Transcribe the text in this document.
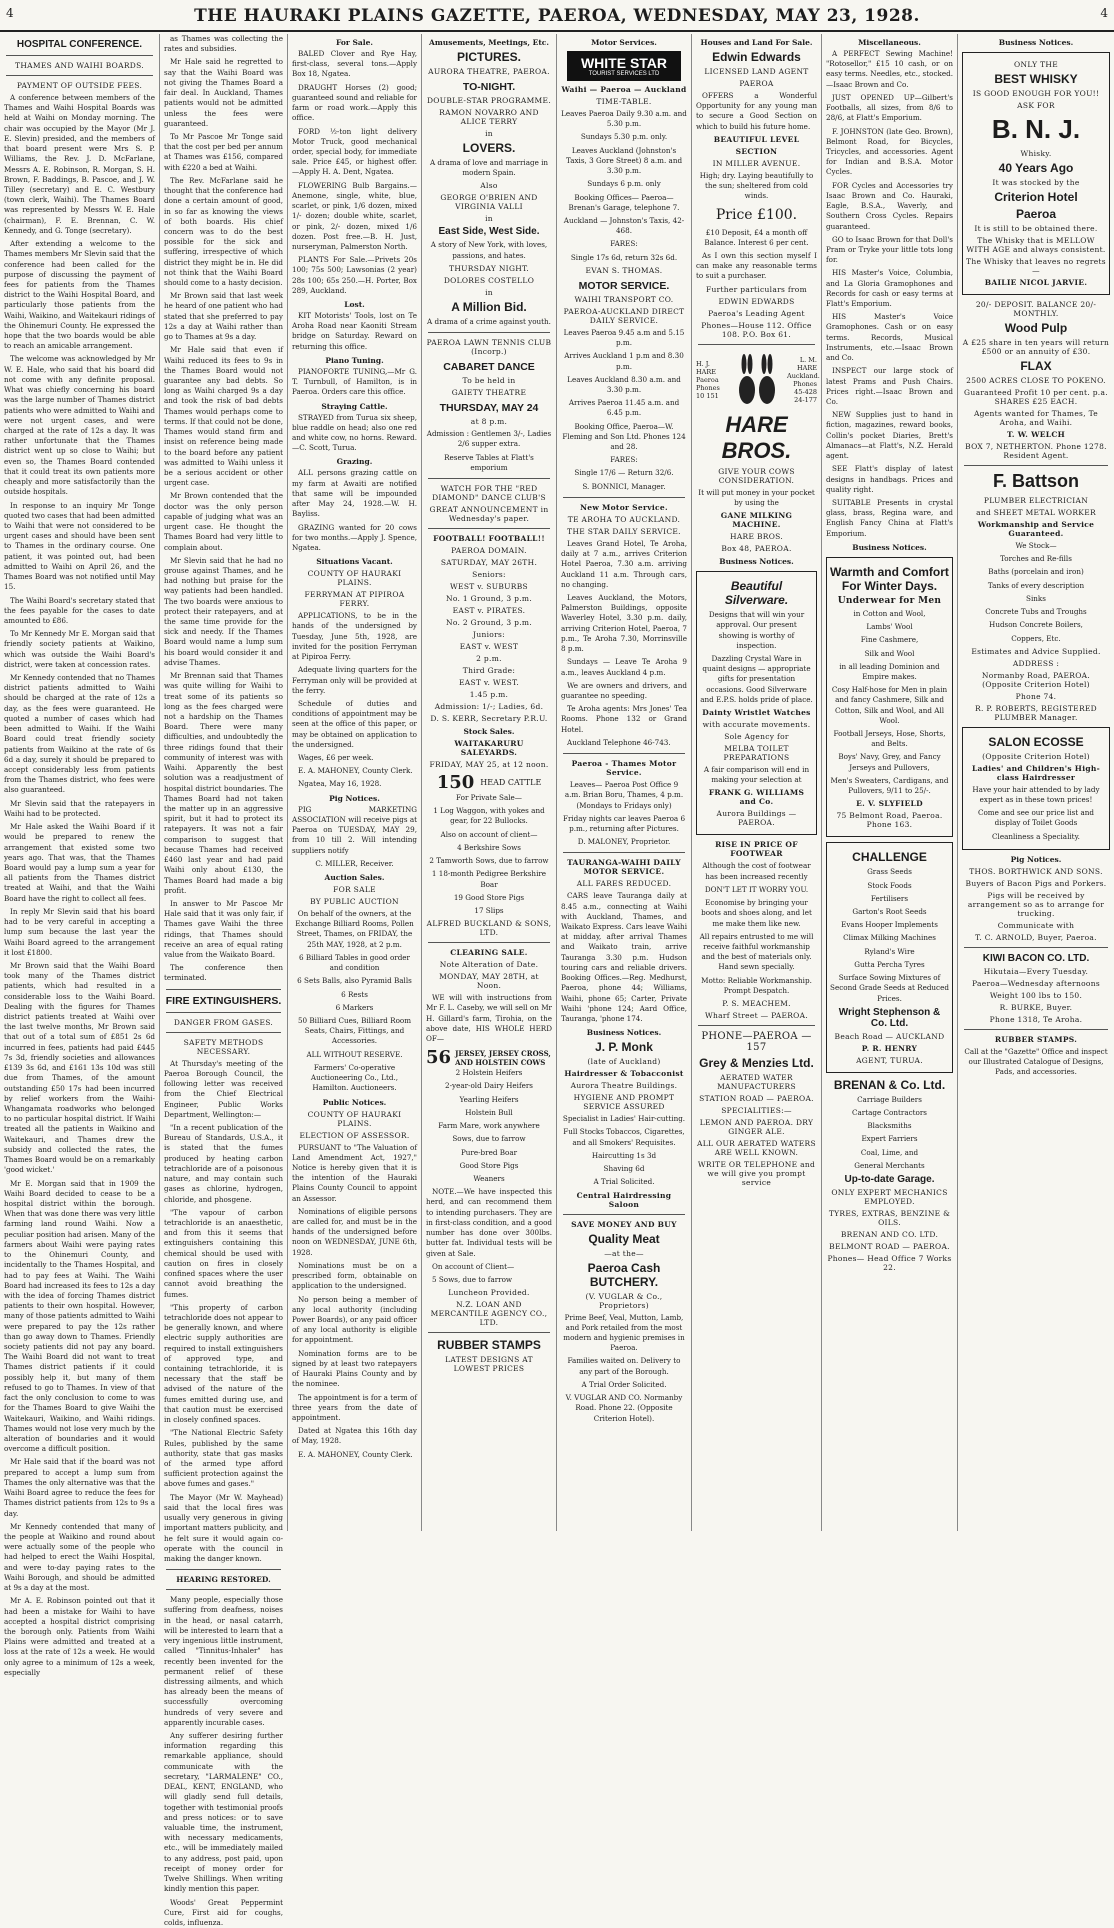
4	THE HAURAKI PLAINS GAZETTE, PAEROA, WEDNESDAY, MAY 23, 1928.	4
HOSPITAL CONFERENCE.
THAMES AND WAIHI BOARDS.
PAYMENT OF OUTSIDE FEES.

A conference between members of the Thames and Waihi Hospital Boards was held at Waihi on Monday morning. The chair was occupied by the Mayor (Mr J. E. Slevin) presided, and the members of that board present were Mrs S. P. Williams, the Rev. J. D. McFarlane, Messrs A. E. Robinson, R. Morgan, S. H. Brown, F. Baddings, B. Pascoe, and J. W. Tilley (secretary) and E. C. Westbury (town clerk, Waihi). The Thames Board was represented by Messrs W. E. Hale (chairman), F. E. Brennan, C. W. Kennedy, and G. Tonge (secretary).

After extending a welcome to the Thames members Mr Slevin said that the conference had been called for the purpose of discussing the payment of fees for patients from the Thames district to the Waihi Hospital Board, and particularly those patients from the Waihi, Waikino, and Waitekauri ridings of the Ohinemuri County. He expressed the hope that the two boards would be able to reach an amicable arrangement.

The welcome was acknowledged by Mr W. E. Hale, who said that his board did not come with any definite proposal. What was chiefly concerning his board was the large number of Thames district patients who were admitted to Waihi and were not urgent cases, and were charged at the rate of 12s a day. It was rather unfortunate that the Thames district went up so close to Waihi; but even so, the Thames Board contended that it could treat its own patients more cheaply and more satisfactorily than the outside hospitals.

In response to an inquiry Mr Tonge quoted two cases that had been admitted to Waihi that were not considered to be urgent cases and should have been sent to Thames in the ordinary course. One patient, it was pointed out, had been admitted to Waihi on April 26, and the Thames Board was not notified until May 15.

The Waihi Board's secretary stated that the fees payable for the cases to date amounted to £86.

To Mr Kennedy Mr E. Morgan said that friendly society patients at Waikino, which was outside the Waihi Board's district, were taken at concession rates.

Mr Kennedy contended that no Thames district patients admitted to Waihi should be charged at the rate of 12s a day, as the fees were guaranteed. He quoted a number of cases which had been admitted to Waihi. If the Waihi Board could treat friendly society patients from Waikino at the rate of 6s 6d a day, surely it should be prepared to accept considerably less from patients from the Thames district, who fees were also guaranteed.

Mr Slevin said that the ratepayers in Waihi had to be protected.

Mr Hale asked the Waihi Board if it would be prepared to renew the arrangement that existed some two years ago. That was, that the Thames Board would pay a lump sum a year for all patients from the Thames district treated at Waihi, and that the Waihi Board have the right to collect all fees.

In reply Mr Slevin said that his board had to be very careful in accepting a lump sum because the last year the Waihi Board agreed to the arrangement it lost £1800.

Mr Brown said that the Waihi Board took many of the Thames district patients, which had resulted in a considerable loss to the Waihi Board. Dealing with the figures for Thames district patients treated at Waihi over the last twelve months, Mr Brown said that out of a total sum of £851 2s 6d incurred in fees, patients had paid £445 7s 3d, friendly societies and allowances £139 3s 6d, and £161 13s 10d was still due from Thames, of the amount outstanding £50 17s had been incurred by relief workers from the Waihi-Whangamata roadworks who belonged to no particular hospital district. If Waihi treated all the patients in Waikino and Waitekauri, and Thames drew the subsidy and collected the rates, the Thames Board would be on a remarkably 'good wicket.'

Mr E. Morgan said that in 1909 the Waihi Board decided to cease to be a hospital district within the borough. When that was done there was very little farming land round Waihi. Now a peculiar position had arisen. Many of the farmers about Waihi were paying rates to the Ohinemuri County, and incidentally to the Thames Hospital, and had to pay fees at Waihi. The Waihi Board had increased its fees to 12s a day with the idea of forcing Thames district patients to their own hospital. However, many of those patients admitted to Waihi were prepared to pay the 12s rather than go away down to Thames. Friendly society patients did not pay any board. The Waihi Board did not want to treat Thames district patients if it could possibly help it, but many of them refused to go to Thames. In view of that fact the only conclusion to come to was for the Thames Board to give Waihi the Waitekauri, Waikino, and Waihi ridings. Thames would not lose very much by the alteration of boundaries and it would overcome a difficult position.

Mr Hale said that if the board was not prepared to accept a lump sum from Thames the only alternative was that the Waihi Board agree to reduce the fees for Thames district patients from 12s to 9s a day.

Mr Kennedy contended that many of the people at Waikino and round about were actually some of the people who had helped to erect the Waihi Hospital, and were to-day paying rates to the Waihi Borough, and should be admitted at 9s a day at the most.

Mr A. E. Robinson pointed out that it had been a mistake for Waihi to have accepted a hospital district comprising the borough only. Patients from Waihi Plains were admitted and treated at a loss at the rate of 12s a week. He would only agree to a minimum of 12s a week, especially

as Thames was collecting the rates and subsidies.

Mr Hale said he regretted to say that the Waihi Board was not giving the Thames Board a fair deal. In Auckland, Thames patients would not be admitted unless the fees were guaranteed.

To Mr Pascoe Mr Tonge said that the cost per bed per annum at Thames was £156, compared with £220 a bed at Waihi.

The Rev. McFarlane said he thought that the conference had done a certain amount of good, in so far as knowing the views of both boards. His chief concern was to do the best possible for the sick and suffering, irrespective of which district they might be in. He did not think that the Waihi Board should come to a hasty decision.

Mr Brown said that last week he heard of one patient who had stated that she preferred to pay 12s a day at Waihi rather than go to Thames at 9s a day.

Mr Hale said that even if Waihi reduced its fees to 9s in the Thames Board would not guarantee any bad debts. So long as Waihi charged 9s a day and took the risk of bad debts Thames would perhaps come to terms. If that could not be done, Thames would stand firm and insist on reference being made to the board before any patient was admitted to Waihi unless it be a serious accident or other urgent case.

Mr Brown contended that the doctor was the only person capable of judging what was an urgent case. He thought the Thames Board had very little to complain about.

Mr Slevin said that he had no grouse against Thames, and he had nothing but praise for the way patients had been handled. The two boards were anxious to protect their ratepayers, and at the same time provide for the sick and needy. If the Thames Board would name a lump sum his board would consider it and advise Thames.

Mr Brennan said that Thames was quite willing for Waihi to treat some of its patients so long as the fees charged were not a hardship on the Thames Board. There were many difficulties, and undoubtedly the three ridings found that their community of interest was with Waihi. Apparently the best solution was a readjustment of hospital district boundaries. The Thames Board had not taken the matter up in an aggressive spirit, but it had to protect its ratepayers. It was not a fair comparison to suggest that because Thames had received £460 last year and had paid Waihi only about £130, the Thames Board had made a big profit.

In answer to Mr Pascoe Mr Hale said that it was only fair, if Thames gave Waihi the three ridings, that Thames should receive an area of equal rating value from the Waikato Board.

The conference then terminated.

FIRE EXTINGUISHERS.
DANGER FROM GASES.
SAFETY METHODS NECESSARY.

At Thursday's meeting of the Paeroa Borough Council, the following letter was received from the Chief Electrical Engineer, Public Works Department, Wellington:—

"In a recent publication of the Bureau of Standards, U.S.A., it is stated that the fumes produced by heating carbon tetrachloride are of a poisonous nature, and may contain such gases as chlorine, hydrogen, chloride, and phosgene.

"The vapour of carbon tetrachloride is an anaesthetic, and from this it seems that extinguishers containing this chemical should be used with caution on fires in closely confined spaces where the user cannot avoid breathing the fumes.

"This property of carbon tetrachloride does not appear to be generally known, and where electric supply authorities are required to install extinguishers of approved type, and containing tetrachloride, it is necessary that the staff be advised of the nature of the fumes emitted during use, and that caution must be exercised in closely confined spaces.

"The National Electric Safety Rules, published by the same authority, state that gas masks of the armed type afford sufficient protection against the above fumes and gases."

The Mayor (Mr W. Mayhead) said that the local fires was usually very generous in giving important matters publicity, and he felt sure it would again co-operate with the council in making the danger known.

HEARING RESTORED.

Many people, especially those suffering from deafness, noises in the head, or nasal catarrh, will be interested to learn that a very ingenious little instrument, called "Tinnitus-Inhaler" has recently been invented for the permanent relief of these distressing ailments, and which has already been the means of successfully overcoming hundreds of very severe and apparently incurable cases.

Any sufferer desiring further information regarding this remarkable appliance, should communicate with the secretary, "LARMALENE" CO., DEAL, KENT, ENGLAND, who will gladly send full details, together with testimonial proofs and press notices: or to save valuable time, the instrument, with necessary medicaments, etc., will be immediately mailed to any address, post paid, upon receipt of money order for Twelve Shillings. When writing kindly mention this paper.

Woods' Great Peppermint Cure, First aid for coughs, colds, influenza.

For Sale.

BALED Clover and Rye Hay, first-class, several tons.—Apply Box 18, Ngatea.

DRAUGHT Horses (2) good; guaranteed sound and reliable for farm or road work.—Apply this office.

FORD ½-ton light delivery Motor Truck, good mechanical order, special body, for immediate sale. Price £45, or highest offer. —Apply H. A. Dent, Ngatea.

FLOWERING Bulb Bargains.— Anemone, single, white, blue, scarlet, or pink, 1/6 dozen, mixed 1/- dozen; double white, scarlet, or pink, 2/- dozen, mixed 1/6 dozen. Post free.—B. H. Just, nurseryman, Palmerston North.

PLANTS For Sale.—Privets 20s 100; 75s 500; Lawsonias (2 year) 28s 100; 65s 250.—H. Porter, Box 289, Auckland.

Lost.

KIT Motorists' Tools, lost on Te Aroha Road near Kaoniti Stream bridge on Saturday. Reward on returning this office.

Piano Tuning.

PIANOFORTE TUNING,—Mr G. T. Turnbull, of Hamilton, is in Paeroa. Orders care this office.

Straying Cattle.

STRAYED from Turua six sheep, blue raddle on head; also one red and white cow, no horns. Reward.—C. Scott, Turua.

Grazing.

ALL persons grazing cattle on my farm at Awaiti are notified that same will be impounded after May 24, 1928.—W. H. Bayliss.

GRAZING wanted for 20 cows for two months.—Apply J. Spence, Ngatea.

Situations Vacant.
COUNTY OF HAURAKI PLAINS.
FERRYMAN AT PIPIROA FERRY.

APPLICATIONS, to be in the hands of the undersigned by Tuesday, June 5th, 1928, are invited for the position Ferryman at Pipiroa Ferry.

Adequate living quarters for the Ferryman only will be provided at the ferry.

Schedule of duties and conditions of appointment may be seen at the office of this paper, or may be obtained on application to the undersigned.

Wages, £6 per week.

E. A. MAHONEY, County Clerk.

Ngatea, May 16, 1928.

Pig Notices.

PIG MARKETING ASSOCIATION will receive pigs at Paeroa on TUESDAY, MAY 29, from 10 till 2. Will intending suppliers notify

C. MILLER, Receiver.

Auction Sales.
FOR SALE
BY PUBLIC AUCTION

On behalf of the owners, at the Exchange Billiard Rooms, Pollen Street, Thames, on FRIDAY, the 25th MAY, 1928, at 2 p.m.

6 Billiard Tables in good order and condition

6 Sets Balls, also Pyramid Balls

6 Rests

6 Markers

50 Billiard Cues, Billiard Room Seats, Chairs, Fittings, and Accessories.

ALL WITHOUT RESERVE.

Farmers' Co-operative Auctioneering Co., Ltd., Hamilton. Auctioneers.

Public Notices.
COUNTY OF HAURAKI PLAINS.
ELECTION OF ASSESSOR.

PURSUANT to "The Valuation of Land Amendment Act, 1927," Notice is hereby given that it is the intention of the Hauraki Plains County Council to appoint an Assessor.

Nominations of eligible persons are called for, and must be in the hands of the undersigned before noon on WEDNESDAY, JUNE 6th, 1928.

Nominations must be on a prescribed form, obtainable on application to the undersigned.

No person being a member of any local authority (including Power Boards), or any paid officer of any local authority is eligible for appointment.

Nomination forms are to be signed by at least two ratepayers of Hauraki Plains County and by the nominee.

The appointment is for a term of three years from the date of appointment.

Dated at Ngatea this 16th day of May, 1928.

E. A. MAHONEY, County Clerk.

Amusements, Meetings, Etc.
PICTURES.
AURORA THEATRE, PAEROA.
TO-NIGHT.
DOUBLE-STAR PROGRAMME.
RAMON NOVARRO AND ALICE TERRY
in
LOVERS.

A drama of love and marriage in modern Spain.

Also
GEORGE O'BRIEN AND VIRGINIA VALLI
in
East Side, West Side.

A story of New York, with loves, passions, and hates.

THURSDAY NIGHT.
DOLORES COSTELLO
in
A Million Bid.

A drama of a crime against youth.

PAEROA LAWN TENNIS CLUB (Incorp.)
CABARET DANCE
To be held in
GAIETY THEATRE
THURSDAY, MAY 24
at 8 p.m.

Admission : Gentlemen 3/-, Ladies 2/6 supper extra.

Reserve Tables at Flatt's emporium

WATCH FOR THE "RED DIAMOND" DANCE CLUB'S
GREAT ANNOUNCEMENT in Wednesday's paper.
FOOTBALL! FOOTBALL!!
PAEROA DOMAIN.
SATURDAY, MAY 26TH.
Seniors:
WEST v. SUBURBS
No. 1 Ground, 3 p.m.
EAST v. PIRATES.
No. 2 Ground, 3 p.m.
Juniors:
EAST v. WEST
2 p.m.
Third Grade:
EAST v. WEST.
1.45 p.m.
Admission: 1/-; Ladies, 6d.
D. S. KERR, Secretary P.R.U.
Stock Sales.
WAITAKARURU SALEYARDS.
FRIDAY, MAY 25, at 12 noon.
150 HEAD CATTLE

For Private Sale—

1 Log Waggon, with yokes and gear, for 22 Bullocks.

Also on account of client—

4 Berkshire Sows

2 Tamworth Sows, due to farrow

1 18-month Pedigree Berkshire Boar

19 Good Store Pigs

17 Slips

ALFRED BUCKLAND & SONS, LTD.
CLEARING SALE.
Note Alteration of Date.
MONDAY, MAY 28TH, at Noon.

WE will with instructions from Mr F. L. Caseby, we will sell on Mr H. Gillard's farm, Tirohia, on the above date, HIS WHOLE HERD OF—

56 JERSEY, JERSEY CROSS, AND HOLSTEIN COWS

2 Holstein Heifers

2-year-old Dairy Heifers

Yearling Heifers

Holstein Bull

Farm Mare, work anywhere

Sows, due to farrow

Pure-bred Boar

Good Store Pigs

Weaners

NOTE.—We have inspected this herd, and can recommend them to intending purchasers. They are in first-class condition, and a good number has done over 300lbs. butter fat. Individual tests will be given at Sale.

On account of Client—

5 Sows, due to farrow

Luncheon Provided.
N.Z. LOAN AND MERCANTILE AGENCY CO., LTD.
RUBBER STAMPS
LATEST DESIGNS AT LOWEST PRICES
Motor Services.
WHITE STAR
TOURIST SERVICES LTD
Waihi — Paeroa — Auckland
TIME-TABLE.

Leaves Paeroa Daily 9.30 a.m. and 5.30 p.m.

Sundays 5.30 p.m. only.

Leaves Auckland (Johnston's Taxis, 3 Gore Street) 8 a.m. and 3.30 p.m.

Sundays 6 p.m. only

Booking Offices— Paeroa—Brenan's Garage, telephone 7.

Auckland — Johnston's Taxis, 42-468.

FARES:

Single 17s 6d, return 32s 6d.

EVAN S. THOMAS.
MOTOR SERVICE.
WAIHI TRANSPORT CO.
PAEROA-AUCKLAND DIRECT DAILY SERVICE.

Leaves Paeroa 9.45 a.m and 5.15 p.m.

Arrives Auckland 1 p.m and 8.30 p.m.

Leaves Auckland 8.30 a.m. and 3.30 p.m.

Arrives Paeroa 11.45 a.m. and 6.45 p.m.

Booking Office, Paeroa—W. Fleming and Son Ltd. Phones 124 and 28.

FARES:

Single 17/6 — Return 32/6.

S. BONNICI, Manager.

New Motor Service.
TE AROHA TO AUCKLAND.
THE STAR DAILY SERVICE.

Leaves Grand Hotel, Te Aroha, daily at 7 a.m., arrives Criterion Hotel Paeroa, 7.30 a.m. arriving Auckland 11 a.m. Through cars, no changing.

Leaves Auckland, the Motors, Palmerston Buildings, opposite Waverley Hotel, 3.30 p.m. daily, arriving Criterion Hotel, Paeroa, 7 p.m., Te Aroha 7.30, Morrinsville 8 p.m.

Sundays — Leave Te Aroha 9 a.m., leaves Auckland 4 p.m.

We are owners and drivers, and guarantee no speeding.

Te Aroha agents: Mrs Jones' Tea Rooms. Phone 132 or Grand Hotel.

Auckland Telephone 46-743.

Paeroa - Thames Motor Service.

Leaves— Paeroa Post Office 9 a.m. Brian Boru, Thames, 4 p.m. (Mondays to Fridays only)

Friday nights car leaves Paeroa 6 p.m., returning after Pictures.

D. MALONEY, Proprietor.

TAURANGA-WAIHI DAILY MOTOR SERVICE.
ALL FARES REDUCED.

CARS leave Tauranga daily at 8.45 a.m., connecting at Waihi with Auckland, Thames, and Waikato Express. Cars leave Waihi at midday, after arrival Thames and Waikato train, arrive Tauranga 3.30 p.m. Hudson touring cars and reliable drivers. Booking Offices.—Reg. Medhurst, Paeroa, phone 44; Williams, Waihi, phone 65; Carter, Private Waihi 'phone 124; Aard Office, Tauranga, 'phone 174.

Business Notices.
J. P. Monk
(late of Auckland)
Hairdresser & Tobacconist
Aurora Theatre Buildings.
HYGIENE AND PROMPT SERVICE ASSURED

Specialist in Ladies' Hair-cutting.

Full Stocks Tobaccos, Cigarettes, and all Smokers' Requisites.

Haircutting 1s 3d

Shaving 6d

A Trial Solicited.

Central Hairdressing Saloon
SAVE MONEY AND BUY
Quality Meat
—at the—
Paeroa Cash BUTCHERY.
(V. VUGLAR & Co., Proprietors)

Prime Beef, Veal, Mutton, Lamb, and Pork retailed from the most modern and hygienic premises in Paeroa.

Families waited on. Delivery to any part of the Borough.

A Trial Order Solicited.

V. VUGLAR AND CO. Normanby Road. Phone 22. (Opposite Criterion Hotel).

Houses and Land For Sale.
Edwin Edwards
LICENSED LAND AGENT
PAEROA

OFFERS a Wonderful Opportunity for any young man to secure a Good Section on which to build his future home.

BEAUTIFUL LEVEL
SECTION
IN MILLER AVENUE.

High; dry. Laying beautifully to the sun; sheltered from cold winds.

Price £100.

£10 Deposit, £4 a month off Balance. Interest 6 per cent.

As I own this section myself I can make any reasonable terms to suit a purchaser.

Further particulars from
EDWIN EDWARDS
Paeroa's Leading Agent
Phones—House 112. Office 108. P.O. Box 61.
H. J. HARE Paeroa Phones 10 151
L. M. HARE Auckland. Phones 45-428 24-177
HARE BROS.
GIVE YOUR COWS CONSIDERATION.

It will put money in your pocket by using the

GANE MILKING MACHINE.
HARE BROS.
Box 48, PAEROA.
Business Notices.
Beautiful Silverware.

Designs that will win your approval. Our present showing is worthy of inspection.

Dazzling Crystal Ware in quaint designs — appropriate gifts for presentation occasions. Good Silverware and E.P.S. holds pride of place.

Dainty Wristlet Watches
with accurate movements.
Sole Agency for
MELBA TOILET PREPARATIONS

A fair comparison will end in making your selection at

FRANK G. WILLIAMS and Co.
Aurora Buildings — PAEROA.
RISE IN PRICE OF FOOTWEAR

Although the cost of footwear has been increased recently

DON'T LET IT WORRY YOU.

Economise by bringing your boots and shoes along, and let me make them like new.

All repairs entrusted to me will receive faithful workmanship and the best of materials only. Hand sewn specially.

Motto: Reliable Workmanship. Prompt Despatch.

P. S. MEACHEM.
Wharf Street — PAEROA.
PHONE—PAEROA —157
Grey & Menzies Ltd.
AERATED WATER MANUFACTURERS
STATION ROAD — PAEROA.
SPECIALITIES:—
LEMON AND PAEROA. DRY GINGER ALE.
ALL OUR AERATED WATERS ARE WELL KNOWN.
WRITE OR TELEPHONE and we will give you prompt service
Miscellaneous.

A PERFECT Sewing Machine! "Rotosellor," £15 10 cash, or on easy terms. Needles, etc., stocked.—Isaac Brown and Co.

JUST OPENED UP—Gilbert's Footballs, all sizes, from 8/6 to 28/6, at Flatt's Emporium.

F. JOHNSTON (late Geo. Brown), Belmont Road, for Bicycles, Tricycles, and accessories. Agent for Indian and B.S.A. Motor Cycles.

FOR Cycles and Accessories try Isaac Brown and Co. Hauraki, Eagle, B.S.A., Waverly, and Southern Cross Cycles. Repairs guaranteed.

GO to Isaac Brown for that Doll's Pram or Tryke your little tots long for.

HIS Master's Voice, Columbia, and La Gloria Gramophones and Records for cash or easy terms at Flatt's Emporium.

HIS Master's Voice Gramophones. Cash or on easy terms. Records, Musical Instruments, etc.—Isaac Brown and Co.

INSPECT our large stock of latest Prams and Push Chairs. Prices right.—Isaac Brown and Co.

NEW Supplies just to hand in fiction, magazines, reward books, Collin's pocket Diaries, Brett's Almanacs—at Flatt's, N.Z. Herald agent.

SEE Flatt's display of latest designs in handbags. Prices and quality right.

SUITABLE Presents in crystal glass, brass, Regina ware, and English Fancy China at Flatt's Emporium.

Business Notices.
Warmth and Comfort For Winter Days.
Underwear for Men

in Cotton and Wool,

Lambs' Wool

Fine Cashmere,

Silk and Wool

in all leading Dominion and Empire makes.

Cosy Half-hose for Men in plain and fancy Cashmere, Silk and Cotton, Silk and Wool, and All Wool.

Football Jerseys, Hose, Shorts, and Belts.

Boys' Navy, Grey, and Fancy Jerseys and Pullovers,

Men's Sweaters, Cardigans, and Pullovers, 9/11 to 25/-.

E. V. SLYFIELD
75 Belmont Road, Paeroa. Phone 163.
CHALLENGE

Grass Seeds

Stock Foods

Fertilisers

Garton's Root Seeds

Evans Hooper Implements

Climax Milking Machines

Ryland's Wire

Gutta Percha Tyres

Surface Sowing Mixtures of Second Grade Seeds at Reduced Prices.

Wright Stephenson & Co. Ltd.
Beach Road — AUCKLAND
P. R. HENRY
AGENT, TURUA.
BRENAN & Co. Ltd.

Carriage Builders

Cartage Contractors

Blacksmiths

Expert Farriers

Coal, Lime, and

General Merchants

Up-to-date Garage.
ONLY EXPERT MECHANICS EMPLOYED.
TYRES, EXTRAS, BENZINE & OILS.
BRENAN AND CO. LTD.
BELMONT ROAD — PAEROA.
Phones— Head Office 7 Works 22.
Business Notices.
ONLY THE
BEST WHISKY
IS GOOD ENOUGH FOR YOU!!
ASK FOR
B. N. J.
Whisky.
40 Years Ago
It was stocked by the
Criterion Hotel
Paeroa
It is still to be obtained there.
The Whisky that is MELLOW WITH AGE and always consistent.
The Whisky that leaves no regrets—
BAILIE NICOL JARVIE.
20/- DEPOSIT. BALANCE 20/- MONTHLY.
Wood Pulp
A £25 share in ten years will return £500 or an annuity of £30.
FLAX
2500 ACRES CLOSE TO POKENO.
Guaranteed Profit 10 per cent. p.a. SHARES £25 EACH.
Agents wanted for Thames, Te Aroha, and Waihi.
T. W. WELCH
BOX 7, NETHERTON. Phone 1278. Resident Agent.
F. Battson
PLUMBER ELECTRICIAN
and SHEET METAL WORKER
Workmanship and Service Guaranteed.

We Stock—

Torches and Re-fills

Baths (porcelain and iron)

Tanks of every description

Sinks

Concrete Tubs and Troughs

Hudson Concrete Boilers,

Coppers, Etc.

Estimates and Advice Supplied.
ADDRESS :
Normanby Road, PAEROA. (Opposite Criterion Hotel)
Phone 74.
R. P. ROBERTS, REGISTERED PLUMBER Manager.
SALON ECOSSE
(Opposite Criterion Hotel)
Ladies' and Children's High-class Hairdresser

Have your hair attended to by lady expert as in these town prices!

Come and see our price list and display of Toilet Goods

Cleanliness a Speciality.

Pig Notices.
THOS. BORTHWICK AND SONS.
Buyers of Bacon Pigs and Porkers.
Pigs will be received by arrangement so as to arrange for trucking.
Communicate with
T. C. ARNOLD, Buyer, Paeroa.
KIWI BACON CO. LTD.
Hikutaia—Every Tuesday.
Paeroa—Wednesday afternoons
Weight 100 lbs to 150.
R. BURKE, Buyer.
Phone 1318, Te Aroha.
RUBBER STAMPS.

Call at the "Gazette" Office and inspect our Illustrated Catalogue of Designs, Pads, and accessories.
